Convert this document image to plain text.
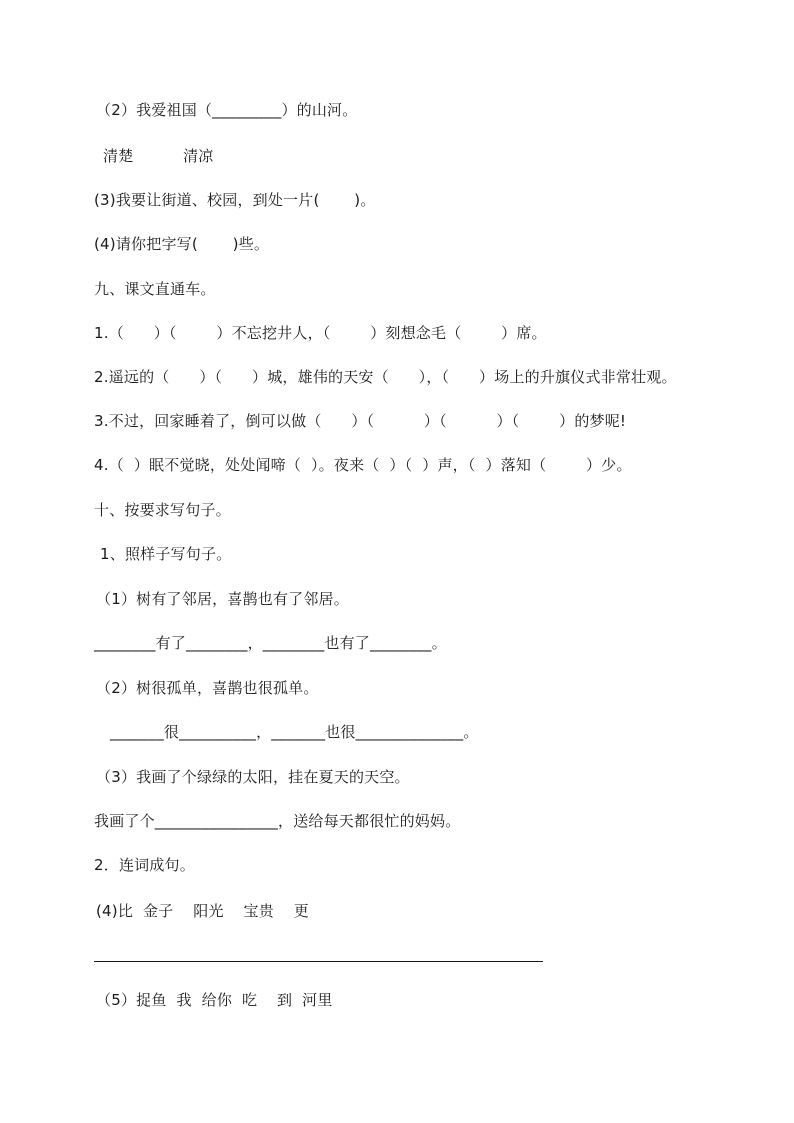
（2）我爱祖国（_________）的山河。
清楚          清凉
(3)我要让街道、校园，到处一片(       )。
(4)请你把字写(       )些。
九、课文直通车。
1.（      ）（        ）不忘挖井人，（        ）刻想念毛（        ）席。
2.遥远的（      ）（      ）城，雄伟的天安（      ），（      ）场上的升旗仪式非常壮观。
3.不过，回家睡着了，倒可以做（      ）（          ）（          ）（        ）的梦呢!
4.（  ）眠不觉晓，处处闻啼（  ）。夜来（  ）（  ）声，（  ）落知（        ）少。
十、按要求写句子。
1、照样子写句子。
（1）树有了邻居，喜鹊也有了邻居。
________有了________，________也有了________。
（2）树很孤单，喜鹊也很孤单。
_______很__________，_______也很______________。
（3）我画了个绿绿的太阳，挂在夏天的天空。
我画了个________________，送给每天都很忙的妈妈。
2．连词成句。
(4)比  金子    阳光    宝贵    更
（5）捉鱼  我  给你  吃    到  河里
